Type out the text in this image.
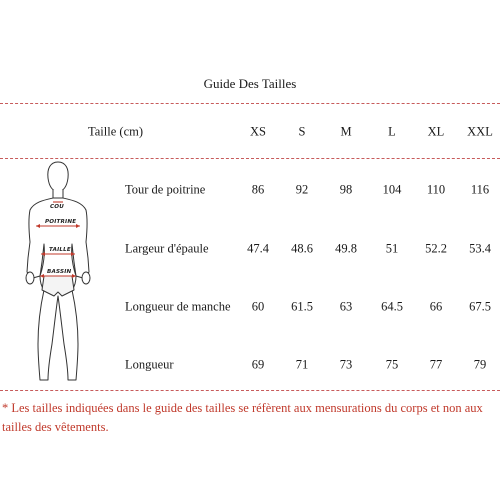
Guide Des Tailles
Taille (cm)	XS	S	M	L	XL	XXL
Tour de poitrine	86	92	98	104	110	116
Largeur d'épaule	47.4	48.6	49.8	51	52.2	53.4
Longueur de manche	60	61.5	63	64.5	66	67.5
Longueur	69	71	73	75	77	79
COU
POITRINE
TAILLE
BASSIN
* Les tailles indiquées dans le guide des tailles se réfèrent aux mensurations du corps et non aux tailles des vêtements.
